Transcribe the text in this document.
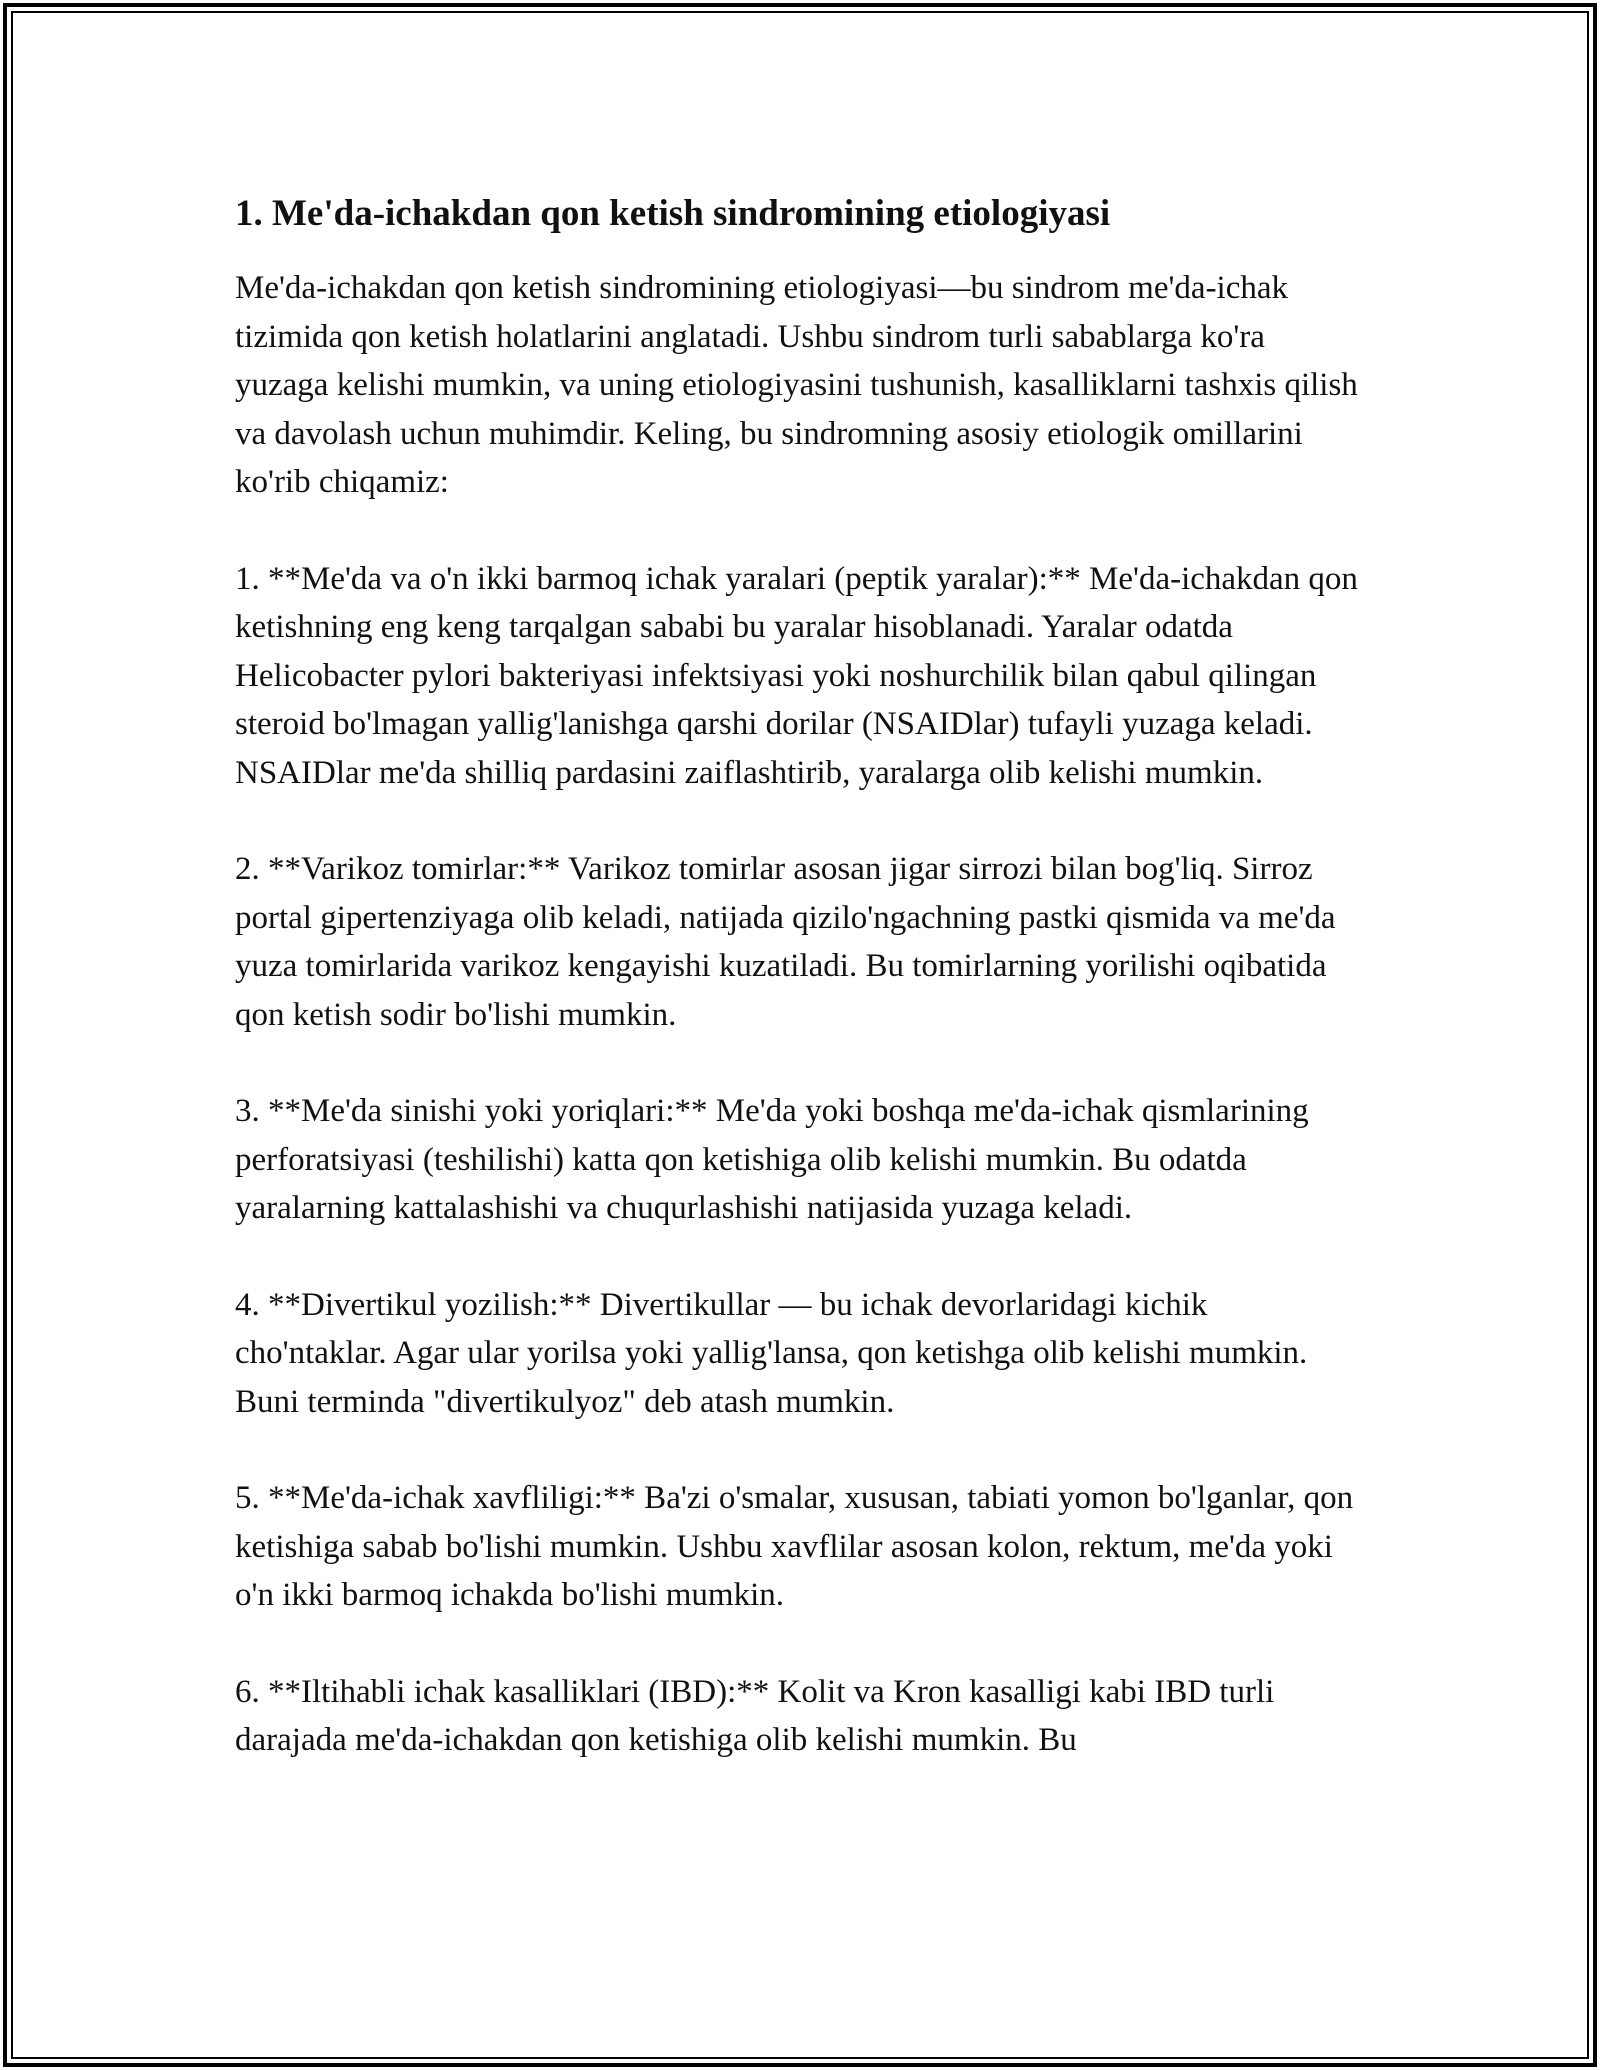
1. Me'da-ichakdan qon ketish sindromining etiologiyasi

Me'da-ichakdan qon ketish sindromining etiologiyasi—bu sindrom me'da-ichak tizimida qon ketish holatlarini anglatadi. Ushbu sindrom turli sabablarga ko'ra yuzaga kelishi mumkin, va uning etiologiyasini tushunish, kasalliklarni tashxis qilish va davolash uchun muhimdir. Keling, bu sindromning asosiy etiologik omillarini ko'rib chiqamiz:

1. **Me'da va o'n ikki barmoq ichak yaralari (peptik yaralar):** Me'da-ichakdan qon ketishning eng keng tarqalgan sababi bu yaralar hisoblanadi. Yaralar odatda Helicobacter pylori bakteriyasi infektsiyasi yoki noshurchilik bilan qabul qilingan steroid bo'lmagan yallig'lanishga qarshi dorilar (NSAIDlar) tufayli yuzaga keladi. NSAIDlar me'da shilliq pardasini zaiflashtirib, yaralarga olib kelishi mumkin.

2. **Varikoz tomirlar:** Varikoz tomirlar asosan jigar sirrozi bilan bog'liq. Sirroz portal gipertenziyaga olib keladi, natijada qizilo'ngachning pastki qismida va me'da yuza tomirlarida varikoz kengayishi kuzatiladi. Bu tomirlarning yorilishi oqibatida qon ketish sodir bo'lishi mumkin.

3. **Me'da sinishi yoki yoriqlari:** Me'da yoki boshqa me'da-ichak qismlarining perforatsiyasi (teshilishi) katta qon ketishiga olib kelishi mumkin. Bu odatda yaralarning kattalashishi va chuqurlashishi natijasida yuzaga keladi.

4. **Divertikul yozilish:** Divertikullar — bu ichak devorlaridagi kichik cho'ntaklar. Agar ular yorilsa yoki yallig'lansa, qon ketishga olib kelishi mumkin. Buni terminda "divertikulyoz" deb atash mumkin.

5. **Me'da-ichak xavfliligi:** Ba'zi o'smalar, xususan, tabiati yomon bo'lganlar, qon ketishiga sabab bo'lishi mumkin. Ushbu xavflilar asosan kolon, rektum, me'da yoki o'n ikki barmoq ichakda bo'lishi mumkin.

6. **Iltihabli ichak kasalliklari (IBD):** Kolit va Kron kasalligi kabi IBD turli darajada me'da-ichakdan qon ketishiga olib kelishi mumkin. Bu
